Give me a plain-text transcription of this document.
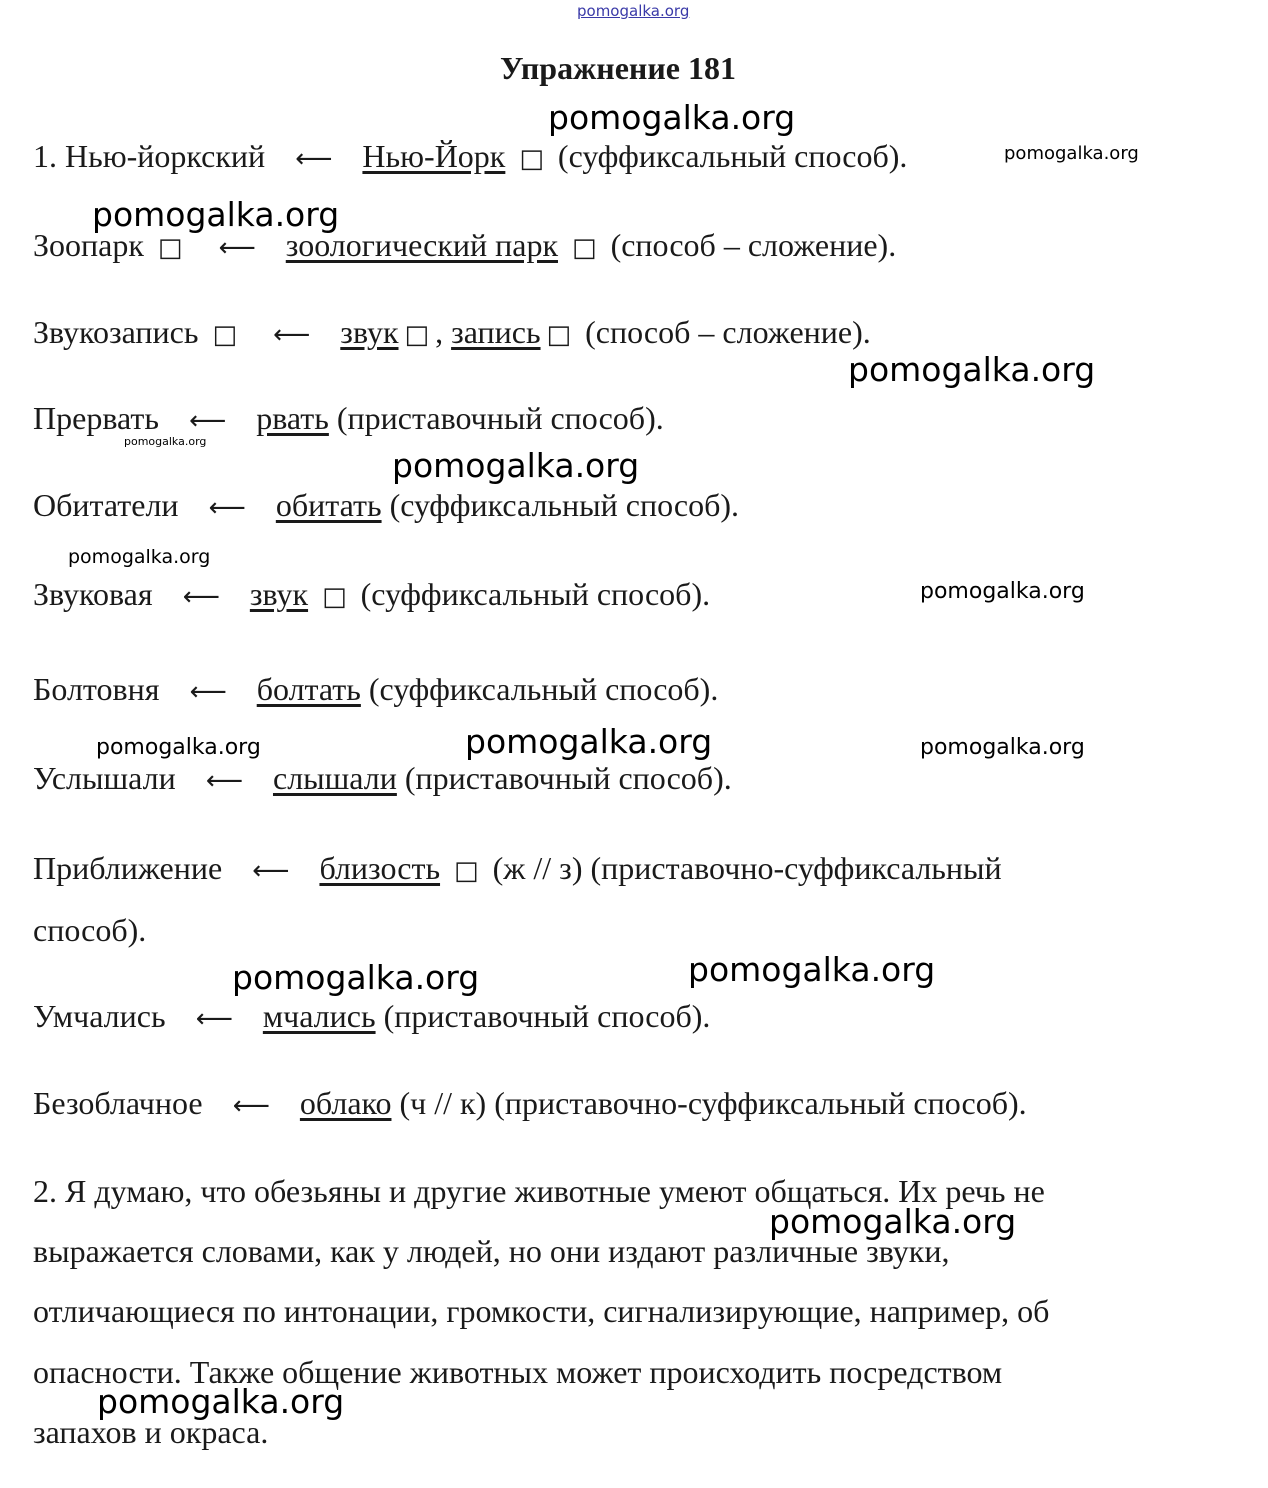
pomogalka.org
Упражнение 181
1. Нью-йоркский ⟵ Нью-Йорк □ (суффиксальный способ).
Зоопарк □ ⟵ зоологический парк □ (способ – сложение).
Звукозапись □ ⟵ звук □ , запись □ (способ – сложение).
Прервать ⟵ рвать (приставочный способ).
Обитатели ⟵ обитать (суффиксальный способ).
Звуковая ⟵ звук □ (суффиксальный способ).
Болтовня ⟵ болтать (суффиксальный способ).
Услышали ⟵ слышали (приставочный способ).
Приближение ⟵ близость □ (ж // з) (приставочно-суффиксальный
способ).
Умчались ⟵ мчались (приставочный способ).
Безоблачное ⟵ облако (ч // к) (приставочно-суффиксальный способ).
2. Я думаю, что обезьяны и другие животные умеют общаться. Их речь не
выражается словами, как у людей, но они издают различные звуки,
отличающиеся по интонации, громкости, сигнализирующие, например, об
опасности. Также общение животных может происходить посредством
запахов и окраса.
pomogalka.org
pomogalka.org
pomogalka.org
pomogalka.org
pomogalka.org
pomogalka.org
pomogalka.org
pomogalka.org
pomogalka.org	pomogalka.org	pomogalka.org
pomogalka.org	pomogalka.org
pomogalka.org
pomogalka.org
